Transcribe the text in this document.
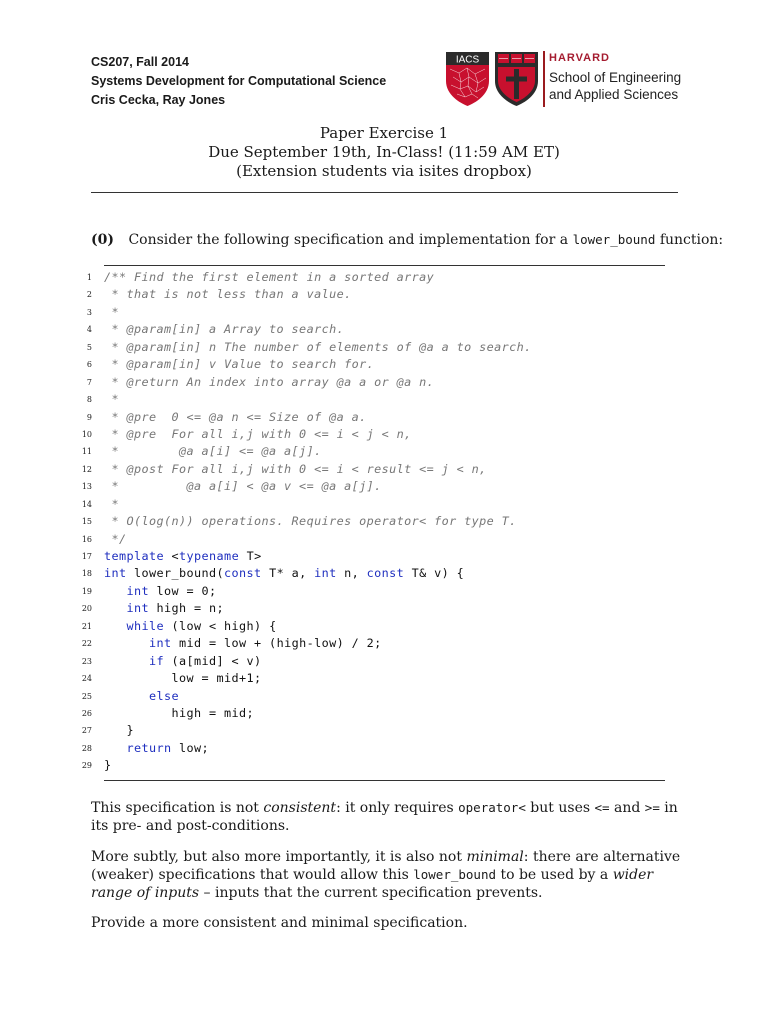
CS207, Fall 2014
Systems Development for Computational Science
Cris Cecka, Ray Jones
IACS	HARVARD
School of Engineering
and Applied Sciences
Paper Exercise 1
Due September 19th, In-Class! (11:59 AM ET)
(Extension students via isites dropbox)
(0) Consider the following specification and implementation for a lower_bound function:
1 /** Find the first element in a sorted array
2 * that is not less than a value.
3 *
4 * @param[in] a Array to search.
5 * @param[in] n The number of elements of @a a to search.
6 * @param[in] v Value to search for.
7 * @return An index into array @a a or @a n.
8 *
9 * @pre  0 <= @a n <= Size of @a a.
10 * @pre  For all i,j with 0 <= i < j < n,
11 *        @a a[i] <= @a a[j].
12 * @post For all i,j with 0 <= i < result <= j < n,
13 *         @a a[i] < @a v <= @a a[j].
14 *
15 * O(log(n)) operations. Requires operator< for type T.
16 */
17 template <typename T>
18 int lower_bound(const T* a, int n, const T& v) {
19	int low = 0;
20	int high = n;
21	while (low < high) {
22	int mid = low + (high-low) / 2;
23	if (a[mid] < v)
24 low = mid+1;
25	else
26 high = mid;
27 }
28	return low;
29 }
This specification is not consistent: it only requires operator< but uses <= and >= in its pre- and post-conditions.
More subtly, but also more importantly, it is also not minimal: there are alternative (weaker) specifications that would allow this lower_bound to be used by a wider range of inputs – inputs that the current specification prevents.
Provide a more consistent and minimal specification.
